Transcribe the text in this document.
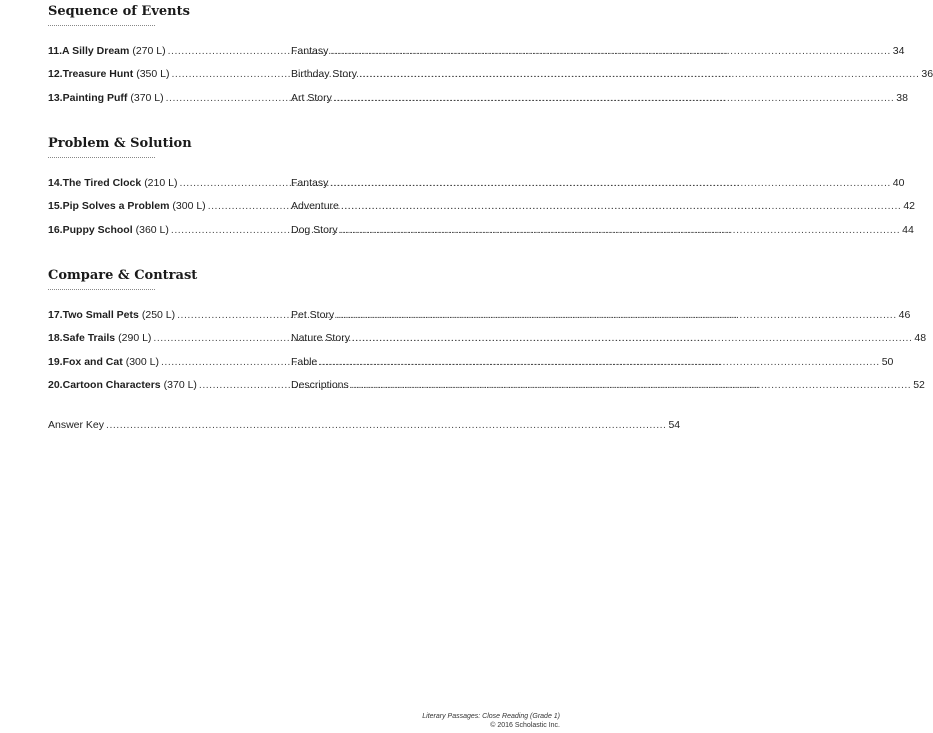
Sequence of Events
11. A Silly Dream (270 L) .....	Fantasy .....	34
12. Treasure Hunt (350 L) .....	Birthday Story .....	36
13. Painting Puff (370 L) .....	Art Story .....	38
Problem & Solution
14. The Tired Clock (210 L) .....	Fantasy .....	40
15. Pip Solves a Problem (300 L) .....	Adventure .....	42
16. Puppy School (360 L) .....	Dog Story .....	44
Compare & Contrast
17. Two Small Pets (250 L) .....	Pet Story .....	46
18. Safe Trails (290 L) .....	Nature Story .....	48
19. Fox and Cat (300 L) .....	Fable .....	50
20. Cartoon Characters (370 L) .....	Descriptions .....	52
Answer Key .....	54
Literary Passages: Close Reading (Grade 1)
© 2016 Scholastic Inc.
